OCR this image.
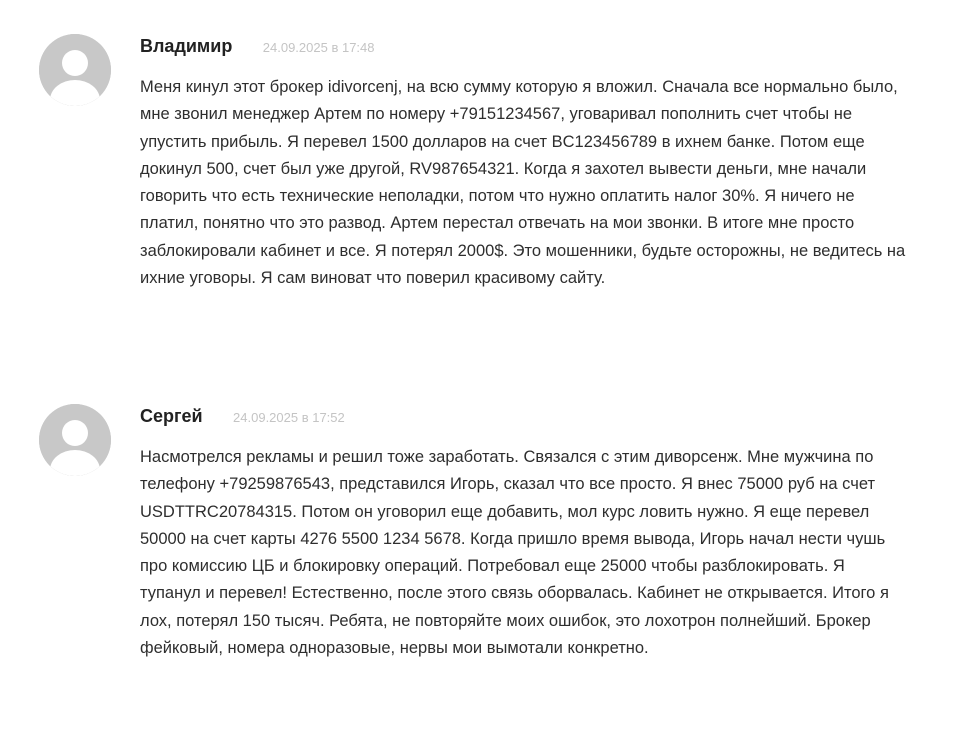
Владимир 24.09.2025 в 17:48

Меня кинул этот брокер idivorcenj, на всю сумму которую я вложил. Сначала все нормально было, мне звонил менеджер Артем по номеру +79151234567, уговаривал пополнить счет чтобы не упустить прибыль. Я перевел 1500 долларов на счет BC123456789 в ихнем банке. Потом еще докинул 500, счет был уже другой, RV987654321. Когда я захотел вывести деньги, мне начали говорить что есть технические неполадки, потом что нужно оплатить налог 30%. Я ничего не платил, понятно что это развод. Артем перестал отвечать на мои звонки. В итоге мне просто заблокировали кабинет и все. Я потерял 2000$. Это мошенники, будьте осторожны, не ведитесь на ихние уговоры. Я сам виноват что поверил красивому сайту.

Сергей 24.09.2025 в 17:52

Насмотрелся рекламы и решил тоже заработать. Связался с этим диворсенж. Мне мужчина по телефону +79259876543, представился Игорь, сказал что все просто. Я внес 75000 руб на счет USDTTRC20784315. Потом он уговорил еще добавить, мол курс ловить нужно. Я еще перевел 50000 на счет карты 4276 5500 1234 5678. Когда пришло время вывода, Игорь начал нести чушь про комиссию ЦБ и блокировку операций. Потребовал еще 25000 чтобы разблокировать. Я тупанул и перевел! Естественно, после этого связь оборвалась. Кабинет не открывается. Итого я лох, потерял 150 тысяч. Ребята, не повторяйте моих ошибок, это лохотрон полнейший. Брокер фейковый, номера одноразовые, нервы мои вымотали конкретно.
